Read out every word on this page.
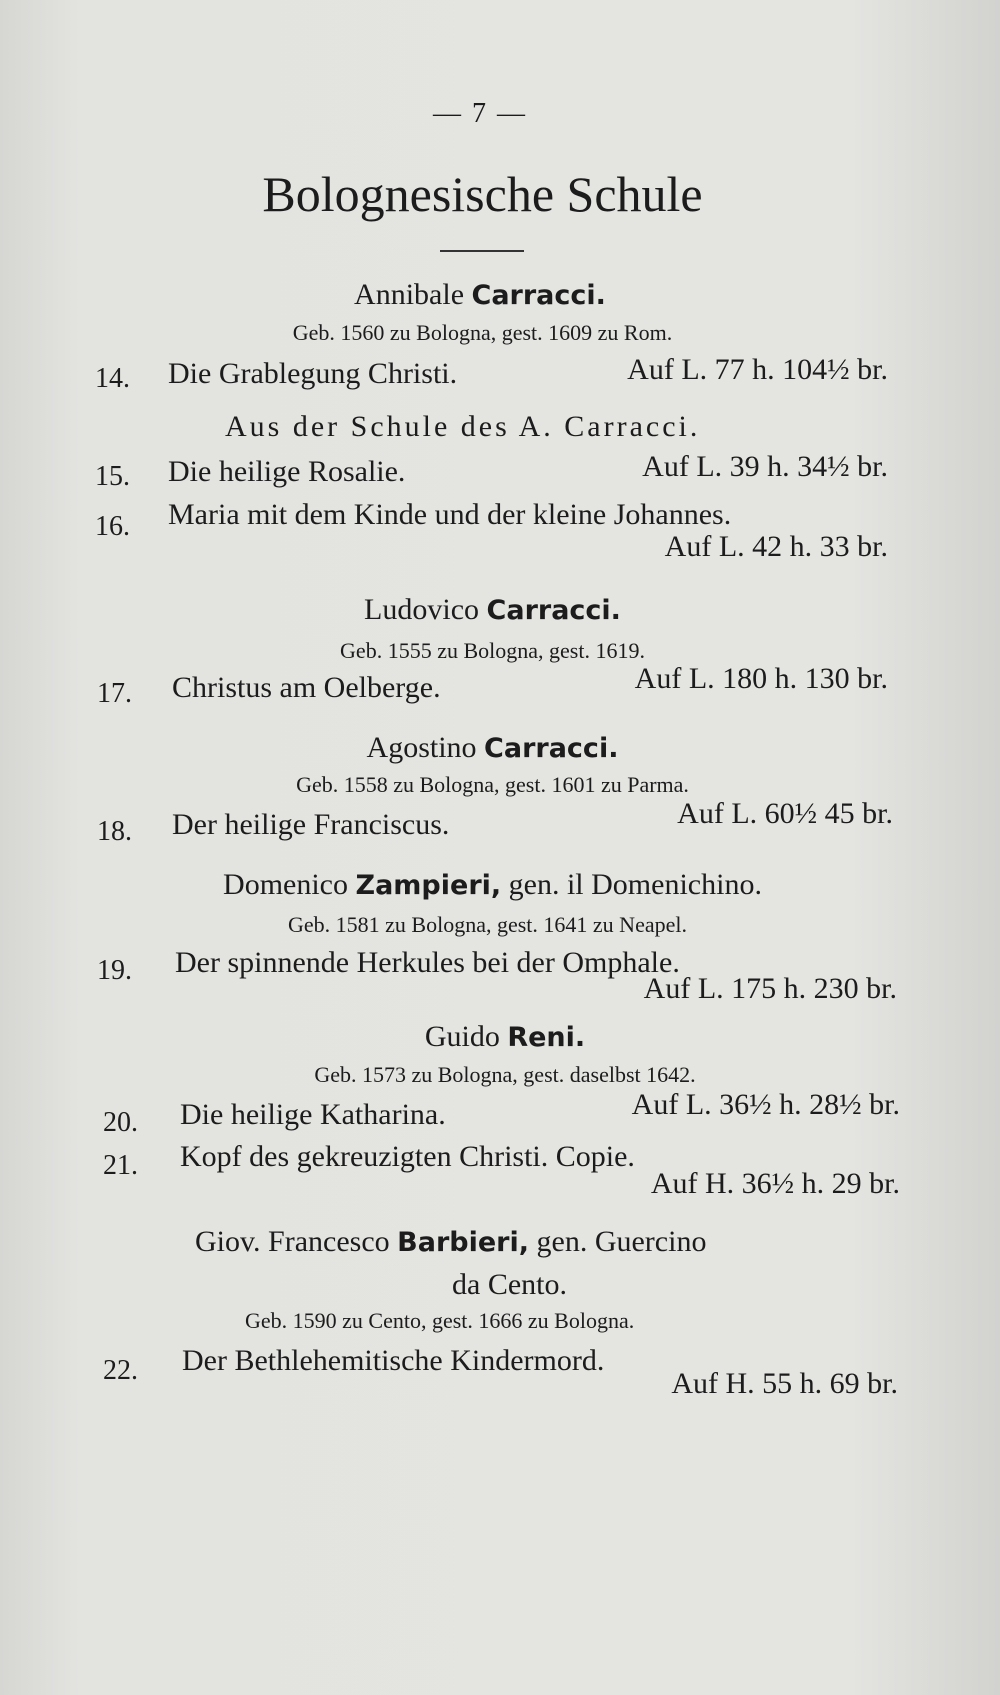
— 7 —
Bolognesische Schule
Annibale Carracci.
Geb. 1560 zu Bologna, gest. 1609 zu Rom.
14. Die Grablegung Christi.	Auf L. 77 h. 104½ br.
Aus der Schule des A. Carracci.
15. Die heilige Rosalie.	Auf L. 39 h. 34½ br.
16. Maria mit dem Kinde und der kleine Johannes.
Auf L. 42 h. 33 br.
Ludovico Carracci.
Geb. 1555 zu Bologna, gest. 1619.
17. Christus am Oelberge.	Auf L. 180 h. 130 br.
Agostino Carracci.
Geb. 1558 zu Bologna, gest. 1601 zu Parma.
18. Der heilige Franciscus.	Auf L. 60½ 45 br.
Domenico Zampieri, gen. il Domenichino.
Geb. 1581 zu Bologna, gest. 1641 zu Neapel.
19. Der spinnende Herkules bei der Omphale.
Auf L. 175 h. 230 br.
Guido Reni.
Geb. 1573 zu Bologna, gest. daselbst 1642.
20. Die heilige Katharina.	Auf L. 36½ h. 28½ br.
21. Kopf des gekreuzigten Christi. Copie.
Auf H. 36½ h. 29 br.
Giov. Francesco Barbieri, gen. Guercino
da Cento.
Geb. 1590 zu Cento, gest. 1666 zu Bologna.
22. Der Bethlehemitische Kindermord.
Auf H. 55 h. 69 br.
